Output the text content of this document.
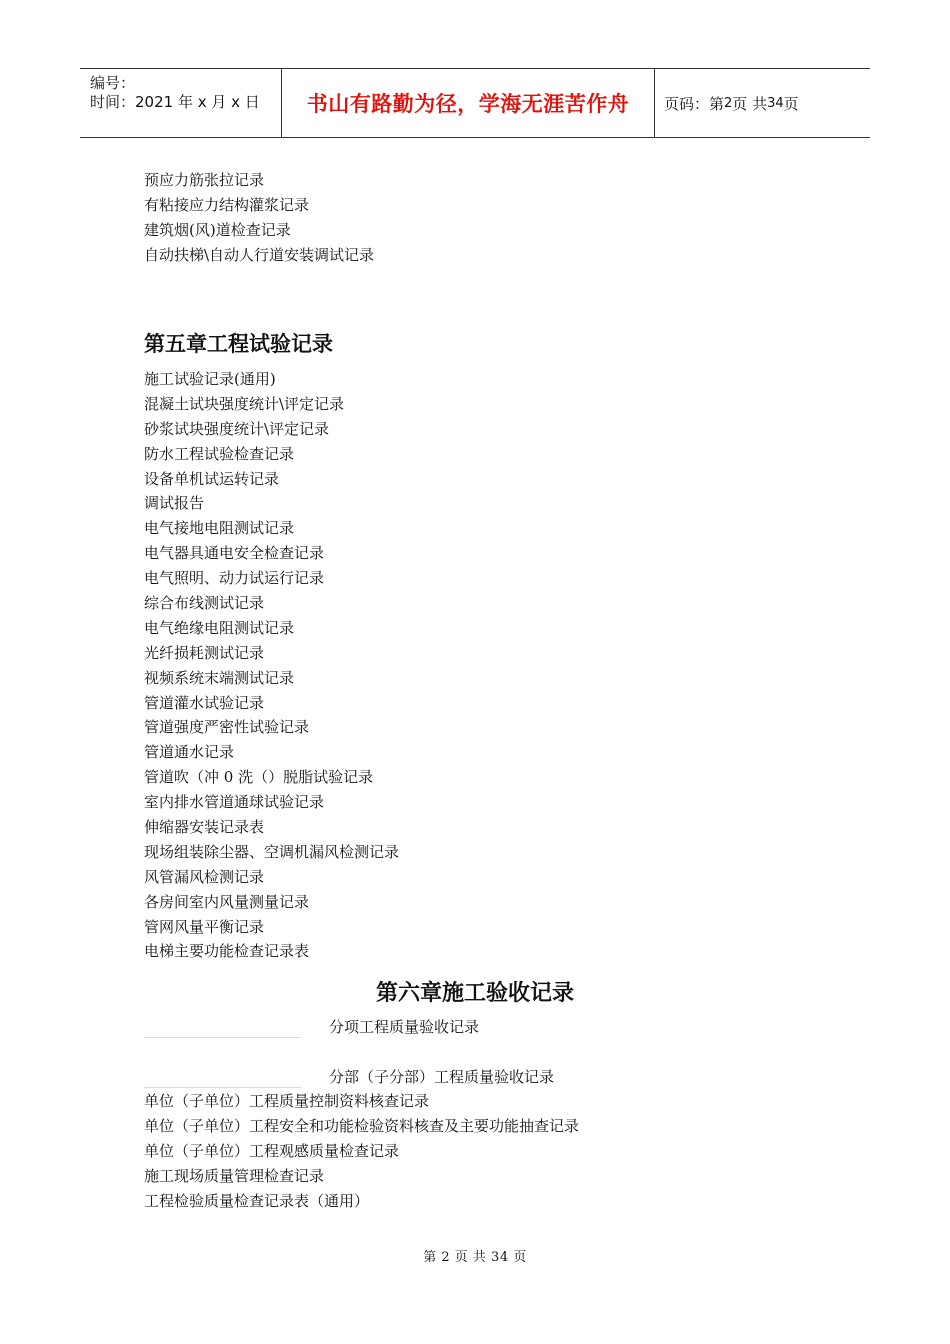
编号：
时间：2021 年 x 月 x 日 书山有路勤为径，学海无涯苦作舟 页码：第 2 页 共 34 页
预应力筋张拉记录
有粘接应力结构灌浆记录
建筑烟(风)道检查记录
自动扶梯\自动人行道安装调试记录
第五章工程试验记录
施工试验记录(通用)
混凝土试块强度统计\评定记录
砂浆试块强度统计\评定记录
防水工程试验检查记录
设备单机试运转记录
调试报告
电气接地电阻测试记录
电气器具通电安全检查记录
电气照明、动力试运行记录
综合布线测试记录
电气绝缘电阻测试记录
光纤损耗测试记录
视频系统末端测试记录
管道灌水试验记录
管道强度严密性试验记录
管道通水记录
管道吹（冲 0 洗（）脱脂试验记录
室内排水管道通球试验记录
伸缩器安装记录表
现场组装除尘器、空调机漏风检测记录
风管漏风检测记录
各房间室内风量测量记录
管网风量平衡记录
电梯主要功能检查记录表
第六章施工验收记录
分项工程质量验收记录
分部（子分部）工程质量验收记录
单位（子单位）工程质量控制资料核查记录
单位（子单位）工程安全和功能检验资料核查及主要功能抽查记录
单位（子单位）工程观感质量检查记录
施工现场质量管理检查记录
工程检验质量检查记录表（通用）
第 2 页 共 34 页
